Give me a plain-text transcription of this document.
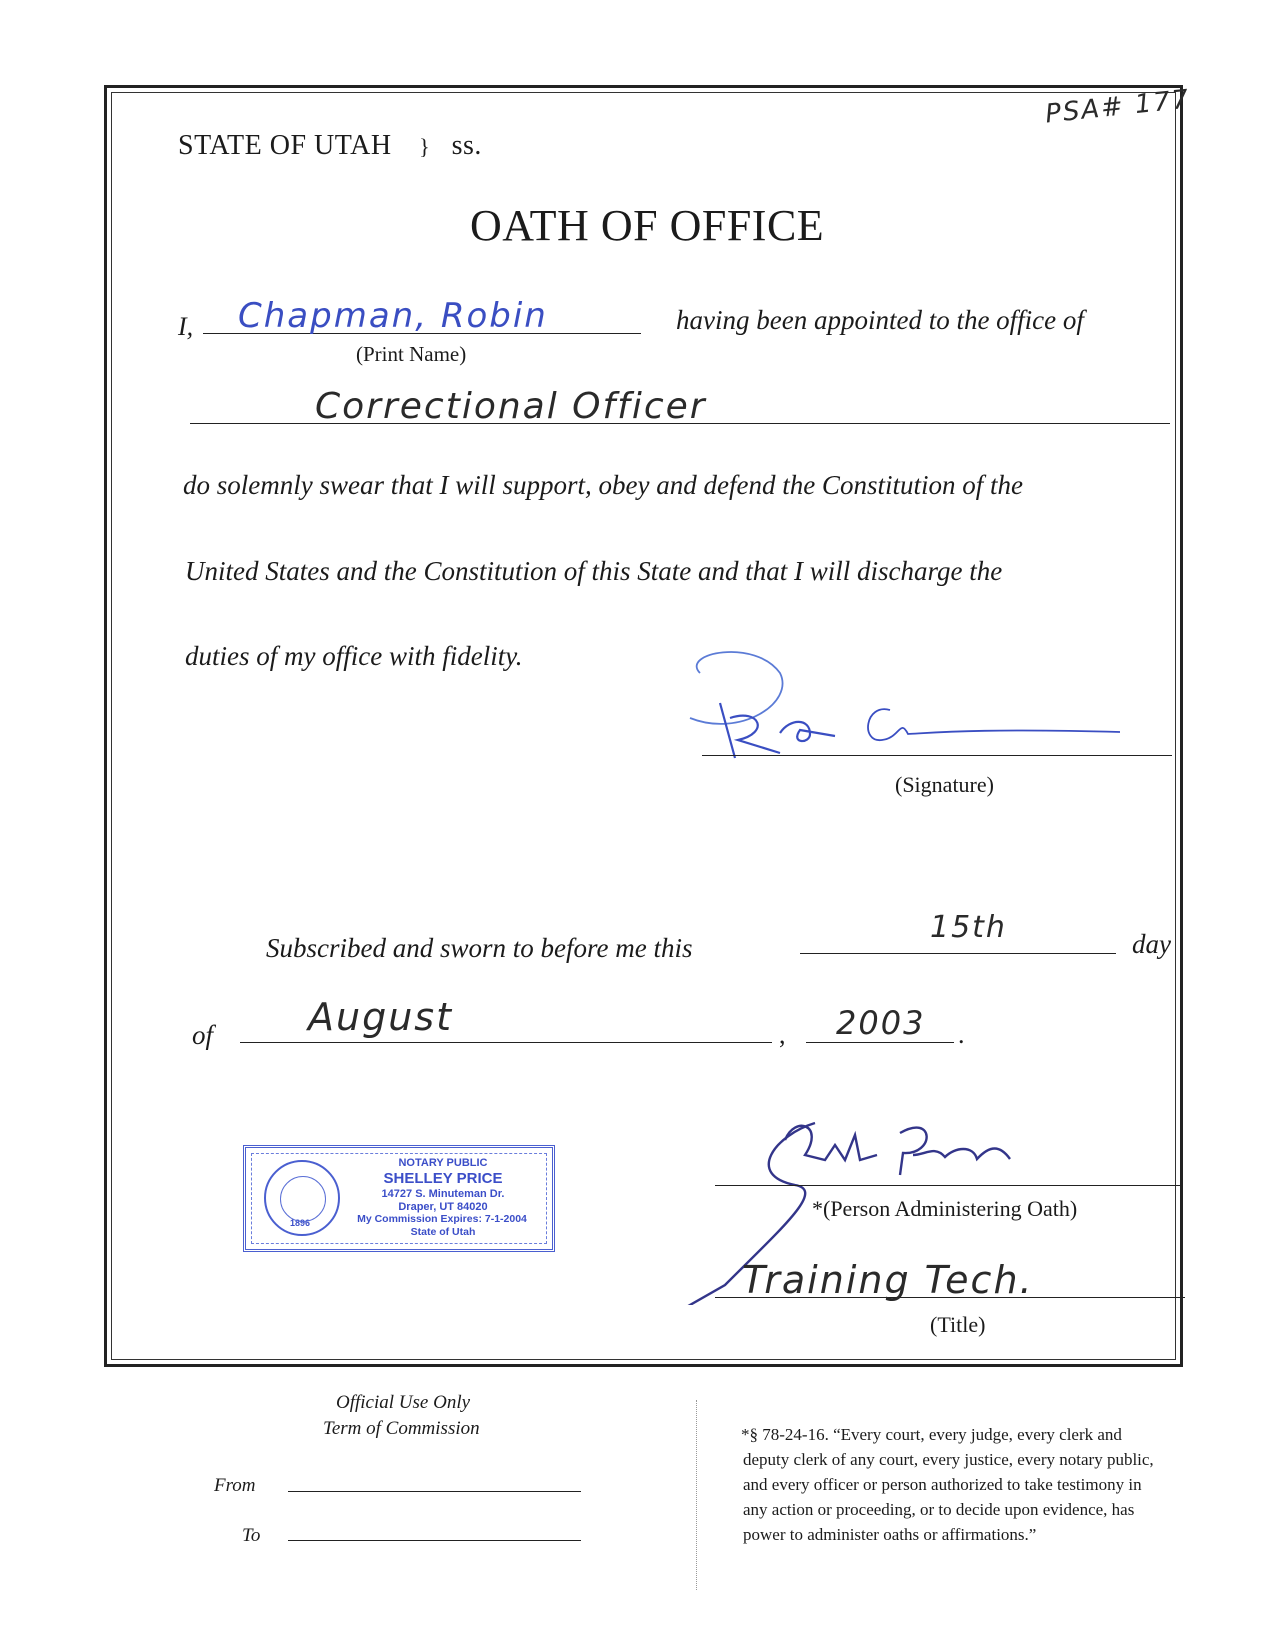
STATE OF UTAH } ss.
PSA# 177
OATH OF OFFICE
I, Chapman, Robin
(Print Name)
having been appointed to the office of
Correctional Officer
do solemnly swear that I will support, obey and defend the Constitution of the
United States and the Constitution of this State and that I will discharge the
duties of my office with fidelity.
(Signature)
Subscribed and sworn to before me this
15th	day
of August	, 2003 .
1896
NOTARY PUBLIC
SHELLEY PRICE
14727 S. Minuteman Dr.
Draper, UT 84020
My Commission Expires: 7-1-2004
State of Utah
*(Person Administering Oath)
Training Tech.
(Title)
Official Use Only
Term of Commission
From
To
*§ 78-24-16. “Every court, every judge, every clerk and
deputy clerk of any court, every justice, every notary public,
and every officer or person authorized to take testimony in
any action or proceeding, or to decide upon evidence, has
power to administer oaths or affirmations.”
